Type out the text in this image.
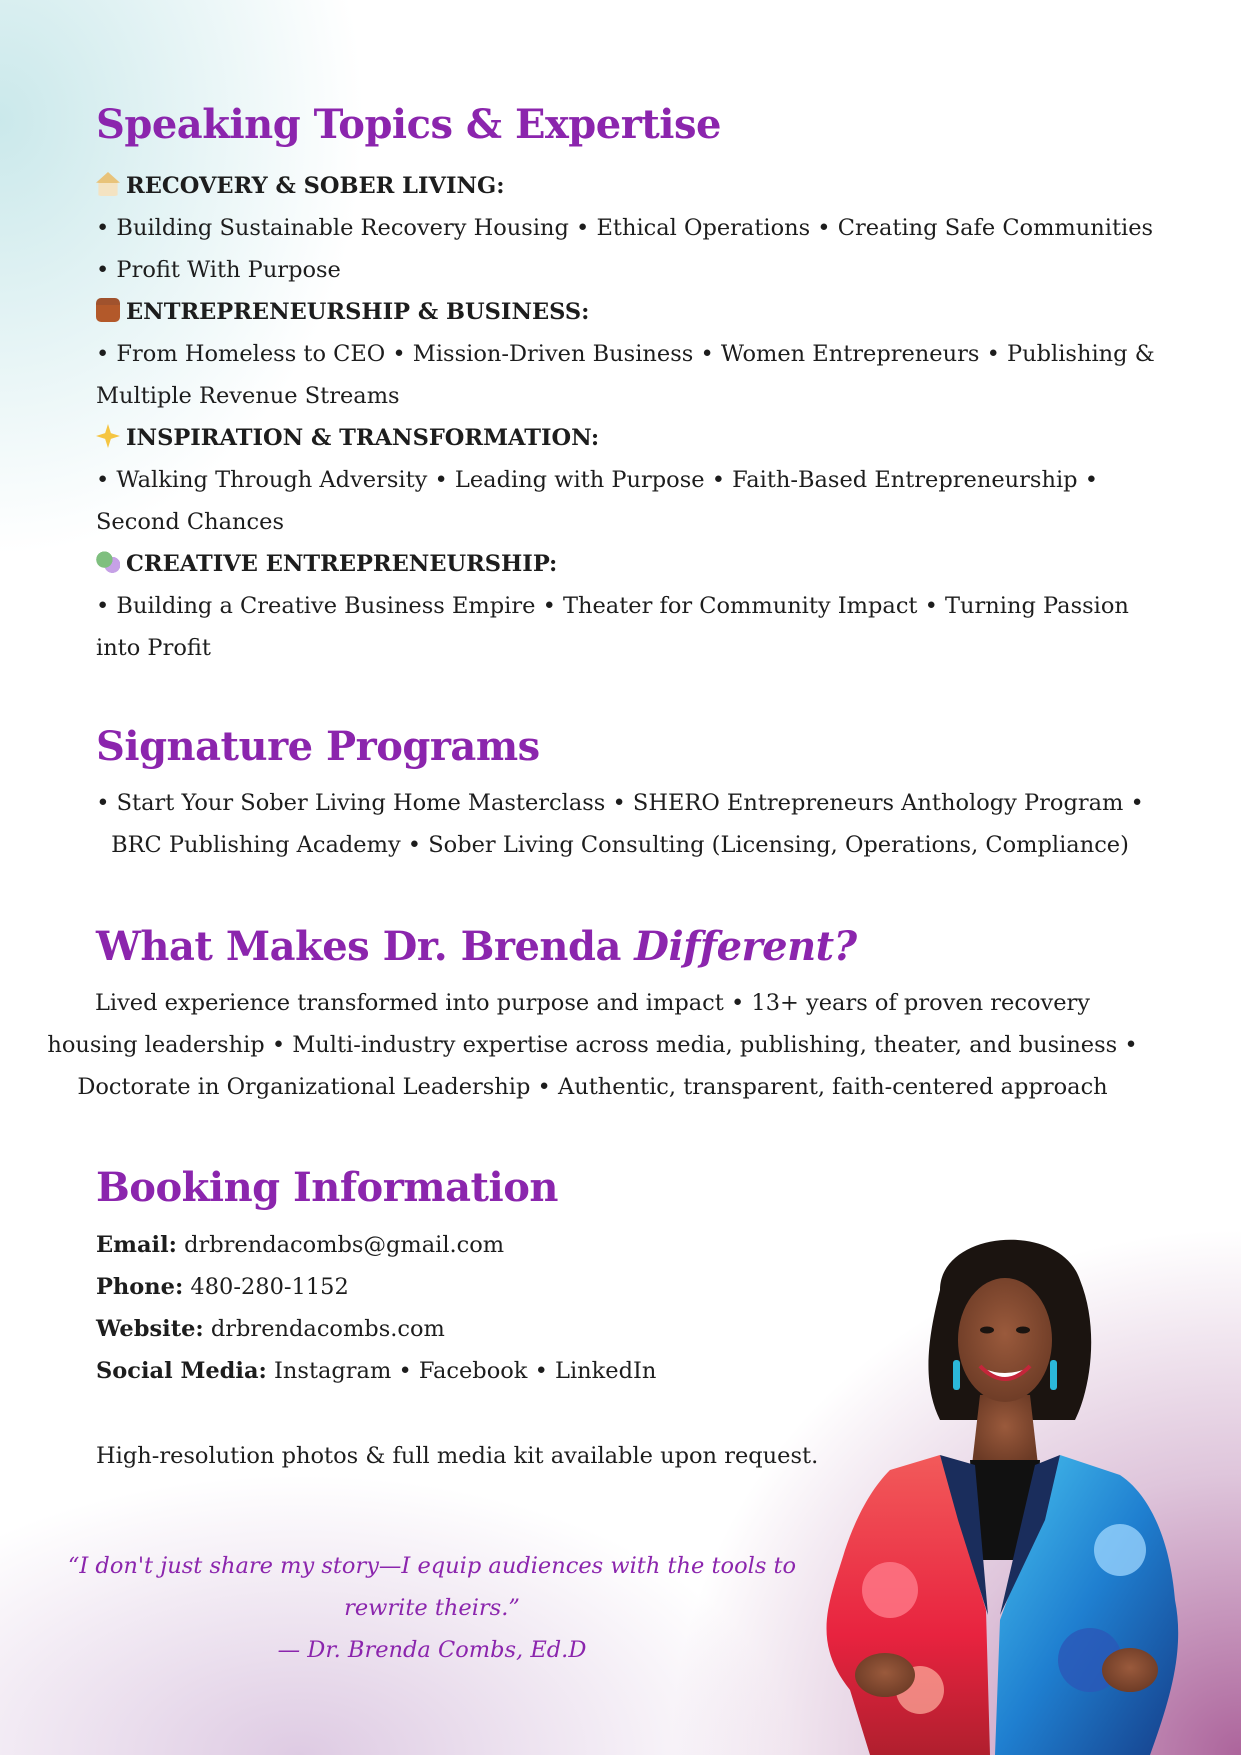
Speaking Topics & Expertise
RECOVERY & SOBER LIVING:
• Building Sustainable Recovery Housing • Ethical Operations • Creating Safe Communities • Profit With Purpose
ENTREPRENEURSHIP & BUSINESS:
• From Homeless to CEO • Mission-Driven Business • Women Entrepreneurs • Publishing & Multiple Revenue Streams
INSPIRATION & TRANSFORMATION:
• Walking Through Adversity • Leading with Purpose • Faith-Based Entrepreneurship • Second Chances
CREATIVE ENTREPRENEURSHIP:
• Building a Creative Business Empire • Theater for Community Impact • Turning Passion into Profit
Signature Programs
• Start Your Sober Living Home Masterclass • SHERO Entrepreneurs Anthology Program •
BRC Publishing Academy • Sober Living Consulting (Licensing, Operations, Compliance)
What Makes Dr. Brenda Different?
Lived experience transformed into purpose and impact • 13+ years of proven recovery
housing leadership • Multi-industry expertise across media, publishing, theater, and business •
Doctorate in Organizational Leadership • Authentic, transparent, faith-centered approach
Booking Information
Email: drbrendacombs@gmail.com
Phone: 480-280-1152
Website: drbrendacombs.com
Social Media: Instagram • Facebook • LinkedIn
High-resolution photos & full media kit available upon request.
“I don't just share my story—I equip audiences with the tools to rewrite theirs.”
— Dr. Brenda Combs, Ed.D
